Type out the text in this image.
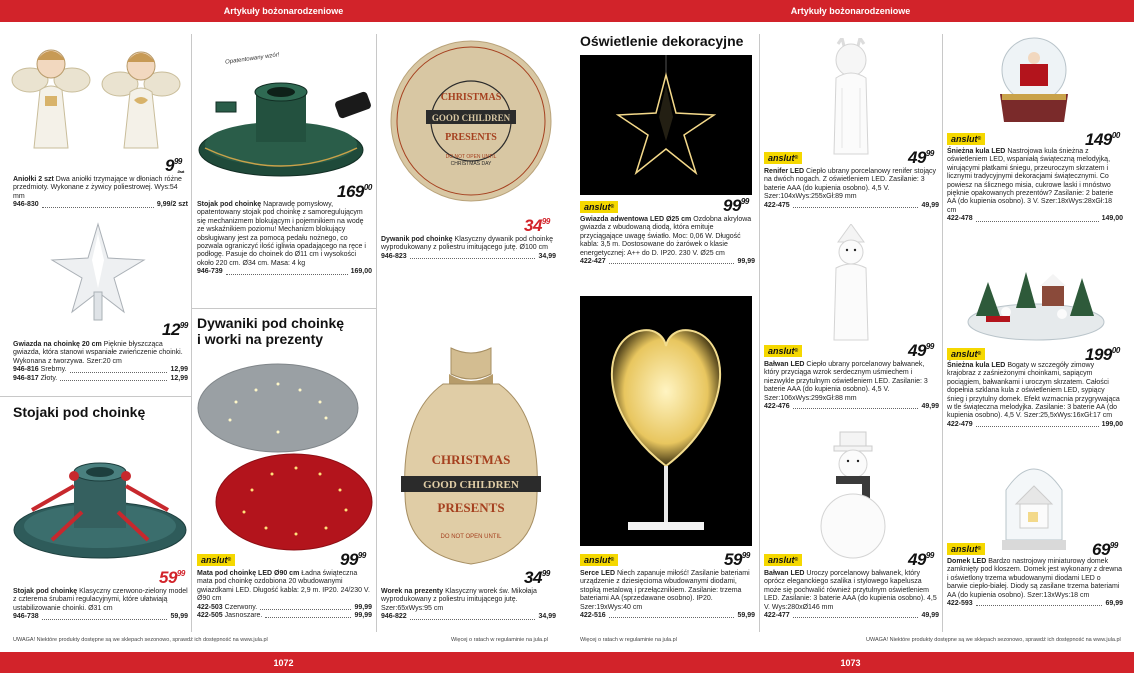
Artykuły bożonarodzeniowe	Artykuły bożonarodzeniowe
$9^{99}$
/2szt
Aniołki 2 szt Dwa aniołki trzymające w dłoniach różne przedmioty. Wykonane z żywicy poliestrowej. Wys:54 mm
946-830	9,99/2 szt
$12^{99}$
Gwiazda na choinkę 20 cm Pięknie błyszcząca gwiazda, która stanowi wspaniałe zwieńczenie choinki. Wykonana z tworzywa. Szer:20 cm
946-816 Srebrny.	12,99
946-817 Złoty.	12,99
Stojaki pod choinkę
$59^{99}$
Stojak pod choinkę Klasyczny czerwono-zielony model z czterema śrubami regulacyjnymi, które ułatwiają ustabilizowanie choinki. Ø31 cm
946-738	59,99
Opatentowany wzór!
$169^{00}$
Stojak pod choinkę Naprawdę pomysłowy, opatentowany stojak pod choinkę z samoregulującym się mechanizmem blokującym i pojemnikiem na wodę ze wskaźnikiem poziomu! Mechanizm blokujący obsługiwany jest za pomocą pedału nożnego, co pozwala ograniczyć ilość igliwia opadającego na ręce i podłogę. Pasuje do choinek do Ø11 cm i wysokości około 220 cm. Ø34 cm. Masa: 4 kg
946-739	169,00
Dywaniki pod choinkę
i worki na prezenty
anslut®	$99^{99}$
Mata pod choinkę LED Ø90 cm Ładna świąteczna mata pod choinkę ozdobiona 20 wbudowanymi gwiazdkami LED. Długość kabla: 2,9 m. IP20. 24/230 V. Ø90 cm
422-503 Czerwony.	99,99
422-505 Jasnoszare.	99,99
CHRISTMAS
GOOD CHILDREN
PRESENTS
DO NOT OPEN UNTIL
CHRISTMAS DAY
$34^{99}$
Dywanik pod choinkę Klasyczny dywanik pod choinkę wyprodukowany z poliestru imitującego jutę. Ø100 cm
946-823	34,99
CHRISTMAS
GOOD CHILDREN
PRESENTS
DO NOT OPEN UNTIL
$34^{99}$
Worek na prezenty Klasyczny worek św. Mikołaja wyprodukowany z poliestru imitującego jutę. Szer:65xWys:95 cm
946-822	34,99
Oświetlenie dekoracyjne
anslut®	$99^{99}$
Gwiazda adwentowa LED Ø25 cm Ozdobna akrylowa gwiazda z wbudowaną diodą, która emituje przyciągające uwagę światło. Moc: 0,06 W. Długość kabla: 3,5 m. Dostosowane do żarówek o klasie energetycznej: A++ do D. IP20. 230 V. Ø25 cm
422-427	99,99
anslut®	$59^{99}$
Serce LED Niech zapanuje miłość! Zasilanie bateriami urządzenie z dziesięcioma wbudowanymi diodami, stopką metalową i przełącznikiem. Zasilanie: trzema bateriami AA (sprzedawane osobno). IP20. Szer:19xWys:40 cm
422-516	59,99
anslut®	$49^{99}$
Renifer LED Ciepło ubrany porcelanowy renifer stojący na dwóch nogach. Z oświetleniem LED. Zasilanie: 3 baterie AAA (do kupienia osobno). 4,5 V. Szer:104xWys:255xGł:89 mm
422-475	49,99
anslut®	$49^{99}$
Bałwan LED Ciepło ubrany porcelanowy bałwanek, który przyciąga wzrok serdecznym uśmiechem i niezwykle przytulnym oświetleniem LED. Zasilanie: 3 baterie AAA (do kupienia osobno). 4,5 V. Szer:106xWys:299xGł:88 mm
422-476	49,99
anslut®	$49^{99}$
Bałwan LED Uroczy porcelanowy bałwanek, który oprócz eleganckiego szalika i stylowego kapelusza może się pochwalić również przytulnym oświetleniem LED. Zasilanie: 3 baterie AAA (do kupienia osobno). 4,5 V. Wys:280xØ146 mm
422-477	49,99
anslut®	$149^{00}$
Śnieżna kula LED Nastrojowa kula śnieżna z oświetleniem LED, wspaniałą świąteczną melodyjką, wirującymi płatkami śniegu, przeuroczym skrzatem i licznymi tradycyjnymi dekoracjami świątecznymi. Co powiesz na ślicznego misia, cukrowe laski i mnóstwo pięknie opakowanych prezentów? Zasilanie: 2 baterie AA (do kupienia osobno). 3 V. Szer:18xWys:28xGł:18 cm
422-478	149,00
anslut®	$199^{00}$
Śnieżna kula LED Bogaty w szczegóły zimowy krajobraz z zaśnieżonymi choinkami, sapiącym pociągiem, bałwankami i uroczym skrzatem. Całości dopełnia szklana kula z oświetleniem LED, sypiący śnieg i przytulny domek. Efekt wzmacnia przygrywająca w tle świąteczna melodyjka. Zasilanie: 3 baterie AA (do kupienia osobno). 4,5 V. Szer:25,5xWys:16xGł:17 cm
422-479	199,00
anslut®	$69^{99}$
Domek LED Bardzo nastrojowy miniaturowy domek zamknięty pod kloszem. Domek jest wykonany z drewna i oświetlony trzema wbudowanymi diodami LED o barwie ciepło-białej. Diody są zasilane trzema bateriami AA (do kupienia osobno). Szer:13xWys:18 cm
422-593	69,99
UWAGA! Niektóre produkty dostępne są we sklepach sezonowo, sprawdź ich dostępność na www.jula.pl	Więcej o ratach w regulaminie na jula.pl	Więcej o ratach w regulaminie na jula.pl	UWAGA! Niektóre produkty dostępne są we sklepach sezonowo, sprawdź ich dostępność na www.jula.pl
1072	1073
